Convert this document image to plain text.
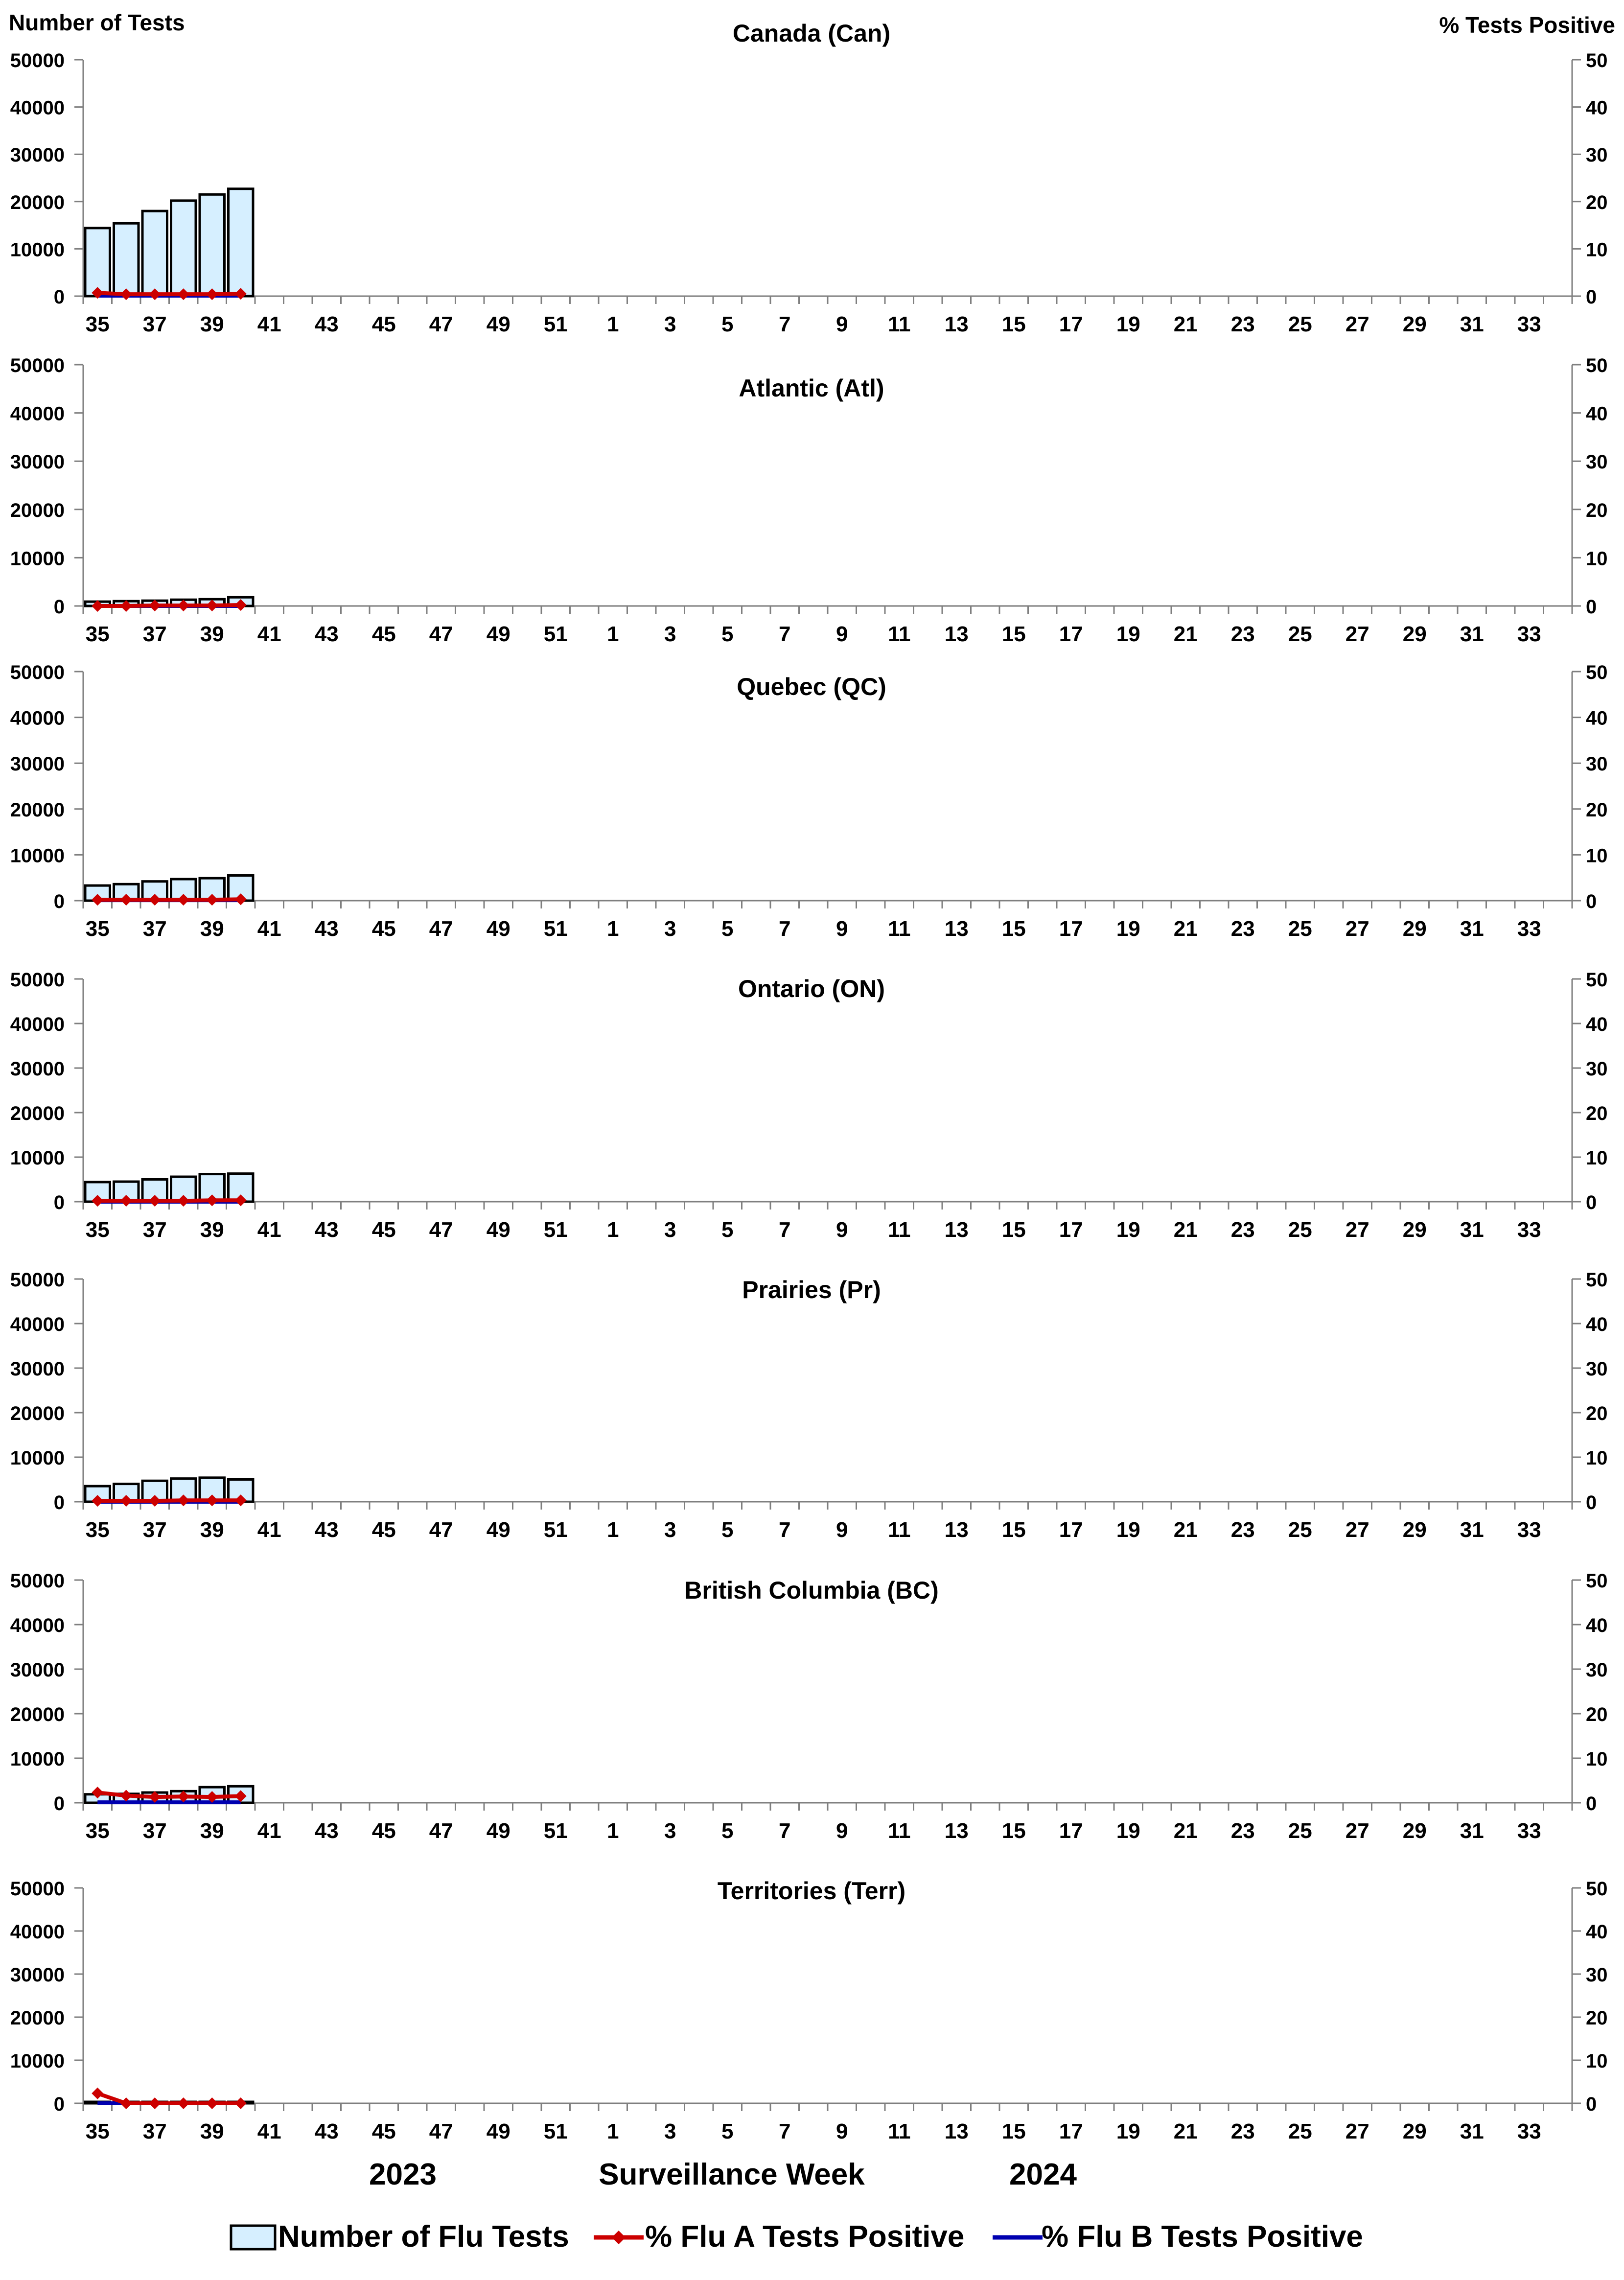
Number of Tests	% Tests Positive
Canada (Can)
0
10000
20000
30000
40000
50000
0
10
20
30
40
50
35 37 39 41 43 45 47 49 51 1 3 5 7 9 11 13 15 17 19 21 23 25 27 29 31 33
Atlantic (Atl)
0
10000
20000
30000
40000
50000
0
10
20
30
40
50
35 37 39 41 43 45 47 49 51 1 3 5 7 9 11 13 15 17 19 21 23 25 27 29 31 33
Quebec (QC)
0
10000
20000
30000
40000
50000
0
10
20
30
40
50
35 37 39 41 43 45 47 49 51 1 3 5 7 9 11 13 15 17 19 21 23 25 27 29 31 33
Ontario (ON)
0
10000
20000
30000
40000
50000
0
10
20
30
40
50
35 37 39 41 43 45 47 49 51 1 3 5 7 9 11 13 15 17 19 21 23 25 27 29 31 33
Prairies (Pr)
0
10000
20000
30000
40000
50000
0
10
20
30
40
50
35 37 39 41 43 45 47 49 51 1 3 5 7 9 11 13 15 17 19 21 23 25 27 29 31 33
British Columbia (BC)
0
10000
20000
30000
40000
50000
0
10
20
30
40
50
35 37 39 41 43 45 47 49 51 1 3 5 7 9 11 13 15 17 19 21 23 25 27 29 31 33
Territories (Terr)
0
10000
20000
30000
40000
50000
0
10
20
30
40
50
35 37 39 41 43 45 47 49 51 1 3 5 7 9 11 13 15 17 19 21 23 25 27 29 31 33
2023	Surveillance Week	2024
Number of Flu Tests	% Flu A Tests Positive	% Flu B Tests Positive
